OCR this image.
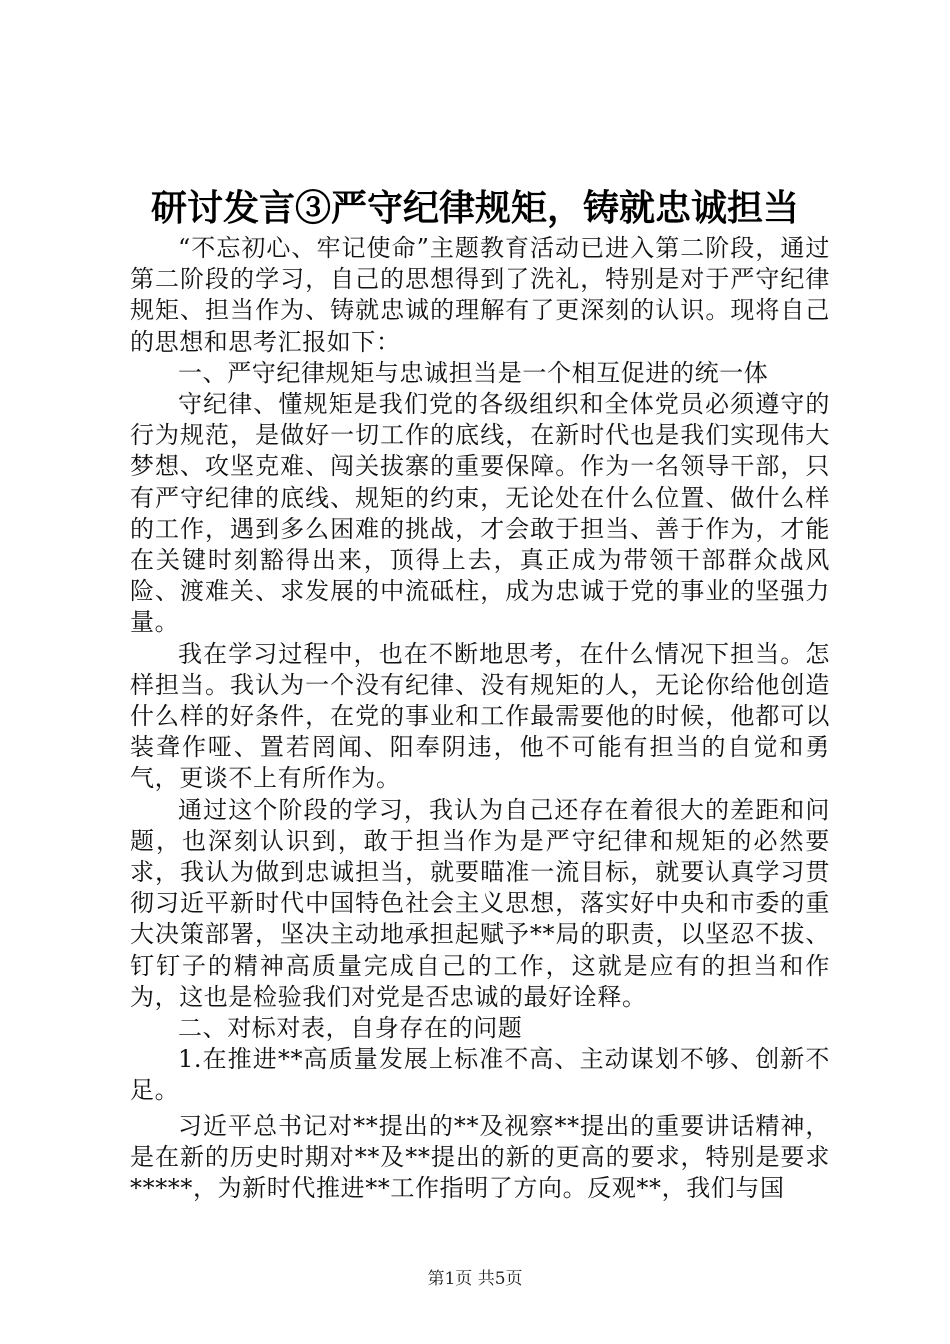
研讨发言③严守纪律规矩，铸就忠诚担当

“不忘初心、牢记使命”主题教育活动已进入第二阶段，通过第二阶段的学习，自己的思想得到了洗礼，特别是对于严守纪律规矩、担当作为、铸就忠诚的理解有了更深刻的认识。现将自己的思想和思考汇报如下：

一、严守纪律规矩与忠诚担当是一个相互促进的统一体

守纪律、懂规矩是我们党的各级组织和全体党员必须遵守的行为规范，是做好一切工作的底线，在新时代也是我们实现伟大梦想、攻坚克难、闯关拔寨的重要保障。作为一名领导干部，只有严守纪律的底线、规矩的约束，无论处在什么位置、做什么样的工作，遇到多么困难的挑战，才会敢于担当、善于作为，才能在关键时刻豁得出来，顶得上去，真正成为带领干部群众战风险、渡难关、求发展的中流砥柱，成为忠诚于党的事业的坚强力量。

我在学习过程中，也在不断地思考，在什么情况下担当。怎样担当。我认为一个没有纪律、没有规矩的人，无论你给他创造什么样的好条件，在党的事业和工作最需要他的时候，他都可以装聋作哑、置若罔闻、阳奉阴违，他不可能有担当的自觉和勇气，更谈不上有所作为。

通过这个阶段的学习，我认为自己还存在着很大的差距和问题，也深刻认识到，敢于担当作为是严守纪律和规矩的必然要求，我认为做到忠诚担当，就要瞄准一流目标，就要认真学习贯彻习近平新时代中国特色社会主义思想，落实好中央和市委的重大决策部署，坚决主动地承担起赋予**局的职责，以坚忍不拔、钉钉子的精神高质量完成自己的工作，这就是应有的担当和作为，这也是检验我们对党是否忠诚的最好诠释。

二、对标对表，自身存在的问题

1.在推进**高质量发展上标准不高、主动谋划不够、创新不足。

习近平总书记对**提出的**及视察**提出的重要讲话精神，是在新的历史时期对**及**提出的新的更高的要求，特别是要求*****，为新时代推进**工作指明了方向。反观**，我们与国

第1页 共5页
